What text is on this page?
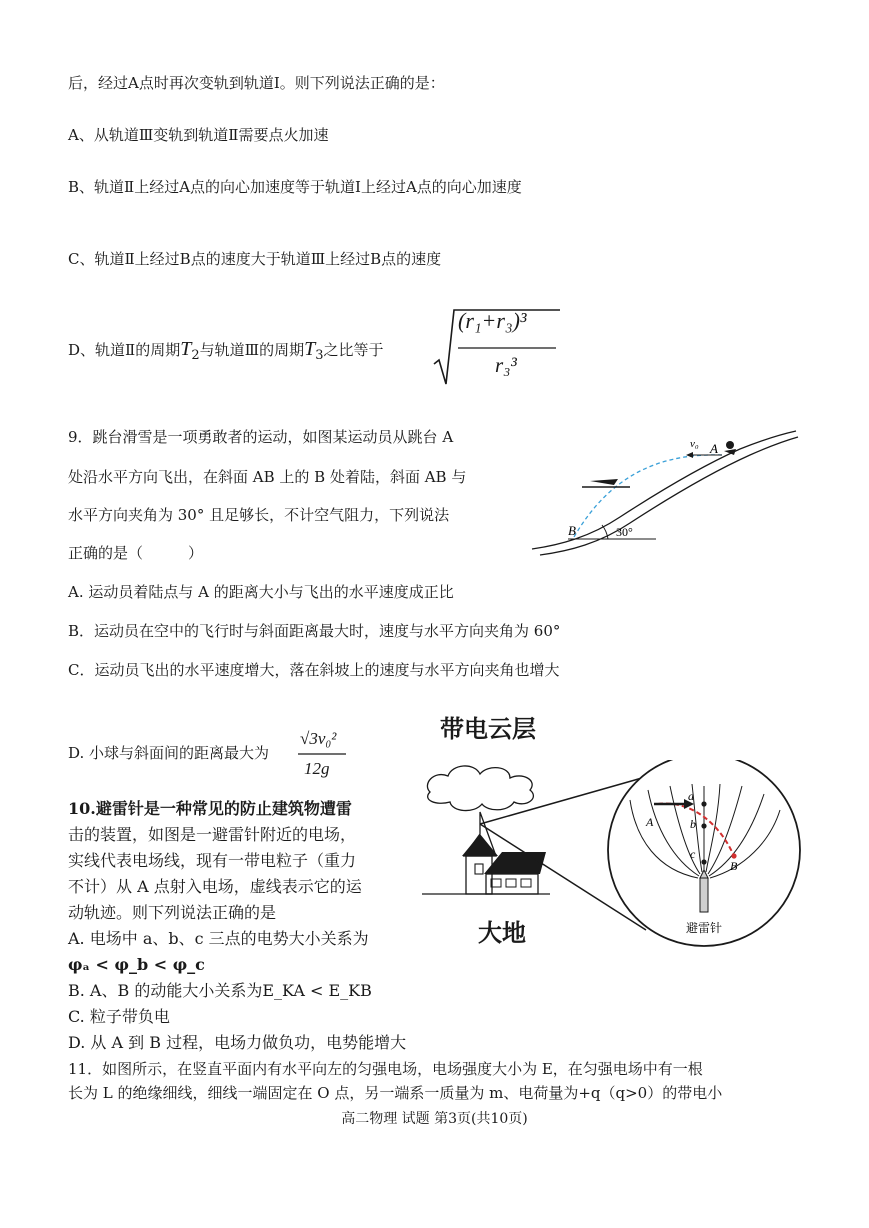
后，经过A点时再次变轨到轨道Ⅰ。则下列说法正确的是：
A、从轨道Ⅲ变轨到轨道Ⅱ需要点火加速
B、轨道Ⅱ上经过A点的向心加速度等于轨道Ⅰ上经过A点的向心加速度
C、轨道Ⅱ上经过B点的速度大于轨道Ⅲ上经过B点的速度
D、轨道Ⅱ的周期$T_2$与轨道Ⅲ的周期$T_3$之比等于
(r₁+r₃)³
r₃³
9．跳台滑雪是一项勇敢者的运动，如图某运动员从跳台 A
处沿水平方向飞出，在斜面 AB 上的 B 处着陆，斜面 AB 与
水平方向夹角为 30° 且足够长，不计空气阻力，下列说法
正确的是（　　　）
v₀ A
B	30°
A. 运动员着陆点与 A 的距离大小与飞出的水平速度成正比
B．运动员在空中的飞行时与斜面距离最大时，速度与水平方向夹角为 60°
C．运动员飞出的水平速度增大，落在斜坡上的速度与水平方向夹角也增大
D. 小球与斜面间的距离最大为
√3v₀²
12g
带电云层
大地
a
b
c
A
B
避雷针
10.避雷针是一种常见的防止建筑物遭雷
击的装置，如图是一避雷针附近的电场，
实线代表电场线，现有一带电粒子（重力
不计）从 A 点射入电场，虚线表示它的运
动轨迹。则下列说法正确的是
A. 电场中 a、b、c 三点的电势大小关系为
φₐ < φ_b < φ_c
B. A、B 的动能大小关系为E_KA < E_KB
C. 粒子带负电
D. 从 A 到 B 过程，电场力做负功，电势能增大
11．如图所示，在竖直平面内有水平向左的匀强电场，电场强度大小为 E，在匀强电场中有一根
长为 L 的绝缘细线，细线一端固定在 O 点，另一端系一质量为 m、电荷量为+q（q>0）的带电小
高二物理 试题 第3页(共10页)
